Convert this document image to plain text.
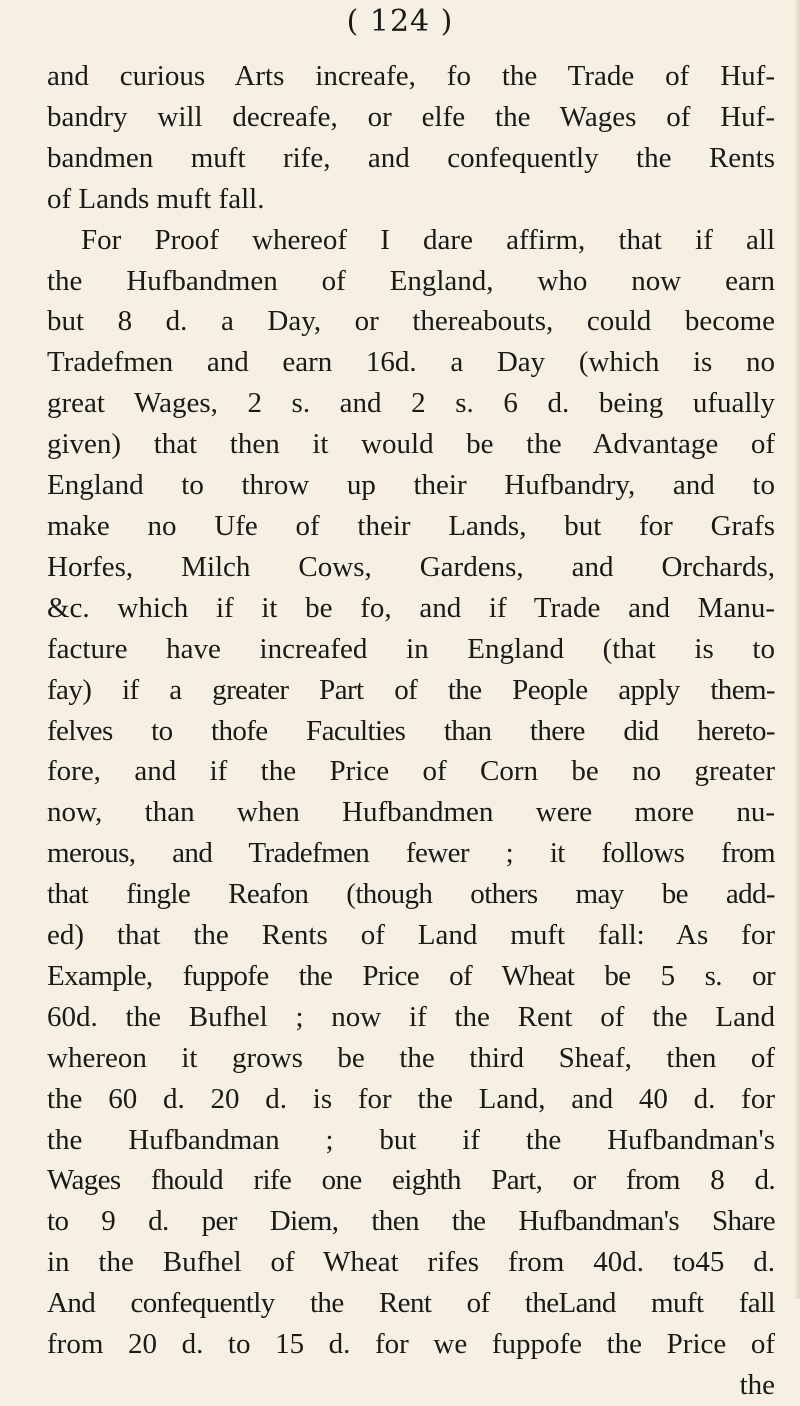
( 124 )
and curious Arts increafe, fo the Trade of Huf-
bandry will decreafe, or elfe the Wages of Huf-
bandmen muft rife, and confequently the Rents
of Lands muft fall.
For Proof whereof I dare affirm, that if all
the Hufbandmen of England, who now earn
but 8 d. a Day, or thereabouts, could become
Tradefmen and earn 16d. a Day (which is no
great Wages, 2 s. and 2 s. 6 d. being ufually
given) that then it would be the Advantage of
England to throw up their Hufbandry, and to
make no Ufe of their Lands, but for Grafs
Horfes, Milch Cows, Gardens, and Orchards,
&c. which if it be fo, and if Trade and Manu-
facture have increafed in England (that is to
fay) if a greater Part of the People apply them-
felves to thofe Faculties than there did hereto-
fore, and if the Price of Corn be no greater
now, than when Hufbandmen were more nu-
merous, and Tradefmen fewer ; it follows from
that fingle Reafon (though others may be add-
ed) that the Rents of Land muft fall: As for
Example, fuppofe the Price of Wheat be 5 s. or
60d. the Bufhel ; now if the Rent of the Land
whereon it grows be the third Sheaf, then of
the 60 d. 20 d. is for the Land, and 40 d. for
the Hufbandman ; but if the Hufbandman's
Wages fhould rife one eighth Part, or from 8 d.
to 9 d. per Diem, then the Hufbandman's Share
in the Bufhel of Wheat rifes from 40d. to45 d.
And confequently the Rent of theLand muft fall
from 20 d. to 15 d. for we fuppofe the Price of
the
